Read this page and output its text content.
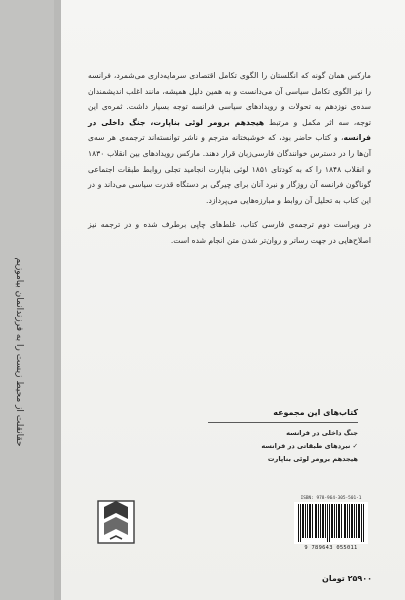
حقانقلت از محیط زیست را به فرزندانمان بیاموزیم

مارکس همان گونه که انگلستان را الگوی تکامل اقتصادی سرمایه‌داری می‌شمرد، فرانسه را نیز الگوی تکامل سیاسی آن می‌دانست و به همین دلیل همیشه، مانند اغلب اندیشمندان سده‌ی نوزدهم به تحولات و رویدادهای سیاسی فرانسه توجه بسیار داشت. ثمره‌ی این توجه، سه اثر مکمل و مرتبط هیجدهم برومر لوئی بناپارت، جنگ داخلی در فرانسه، و کتاب حاضر بود، که خوشبختانه مترجم و ناشر توانسته‌اند ترجمه‌ی هر سه‌ی آن‌ها را در دسترس خوانندگان فارسی‌زبان قرار دهند. مارکس رویدادهای بین انقلاب ۱۸۳۰ و انقلاب ۱۸۴۸ را که به کودتای ۱۸۵۱ لوئی بناپارت انجامید تجلی روابط طبقات اجتماعی گوناگون فرانسه آن روزگار و نبرد آنان برای چیرگی بر دستگاه قدرت سیاسی می‌داند و در این کتاب به تحلیل آن روابط و مبارزه‌هایی می‌پردازد.

در ویراست دوم ترجمه‌ی فارسی کتاب، غلط‌های چاپی برطرف شده و در ترجمه نیز اصلاح‌هایی در جهت رساتر و روان‌تر شدن متن انجام شده است.

کتاب‌های این مجموعه
جنگ داخلی در فرانسه
✓ نبردهای طبقاتی در فرانسه
هیجدهم برومر لوئی بناپارت
ISBN: 978-964-305-501-1
9 789643 055011
۲۵۹۰۰ تومان
